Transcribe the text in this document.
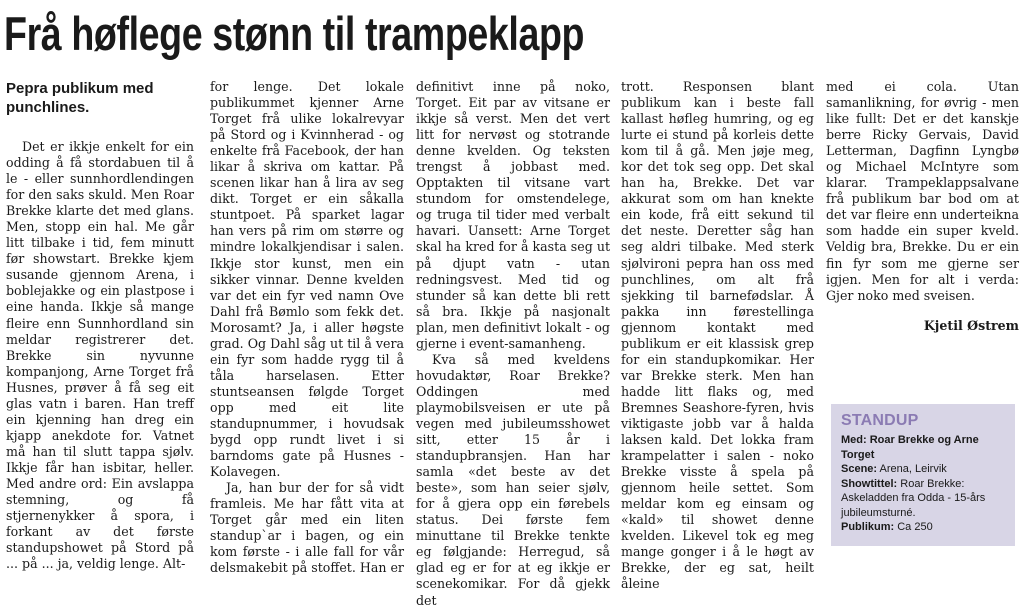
Frå høflege stønn til trampeklapp
Pepra publikum med punchlines.

Det er ikkje enkelt for ein odding å få stordabuen til å le - eller sunnhordlendingen for den saks skuld. Men Roar Brekke klarte det med glans. Men, stopp ein hal. Me går litt tilbake i tid, fem minutt før showstart. Brekke kjem susande gjennom Arena, i boblejakke og ein plastpose i eine handa. Ikkje så mange fleire enn Sunnhordland sin meldar registrerer det. Brekke sin nyvunne kompanjong, Arne Torget frå Husnes, prøver å få seg eit glas vatn i baren. Han treff ein kjenning han dreg ein kjapp anekdote for. Vatnet må han til slutt tappa sjølv. Ikkje får han isbitar, heller. Med andre ord: Ein avslappa stemning, og få stjernenykker å spora, i forkant av det første standupshowet på Stord på ... på ... ja, veldig lenge. Alt-

for lenge. Det lokale publikummet kjenner Arne Torget frå ulike lokalrevyar på Stord og i Kvinnherad - og enkelte frå Facebook, der han likar å skriva om kattar. På scenen likar han å lira av seg dikt. Torget er ein såkalla stuntpoet. På sparket lagar han vers på rim om større og mindre lokalkjendisar i salen. Ikkje stor kunst, men ein sikker vinnar. Denne kvelden var det ein fyr ved namn Ove Dahl frå Bømlo som fekk det. Morosamt? Ja, i aller høgste grad. Og Dahl såg ut til å vera ein fyr som hadde rygg til å tåla harselasen. Etter stuntseansen følgde Torget opp med eit lite standupnummer, i hovudsak bygd opp rundt livet i si barndoms gate på Husnes - Kolavegen.

Ja, han bur der for så vidt framleis. Me har fått vita at Torget går med ein liten standup`ar i bagen, og ein kom første - i alle fall for vår delsmakebit på stoffet. Han er

definitivt inne på noko, Torget. Eit par av vitsane er ikkje så verst. Men det vert litt for nervøst og stotrande denne kvelden. Og teksten trengst å jobbast med. Opptakten til vitsane vart stundom for omstendelege, og truga til tider med verbalt havari. Uansett: Arne Torget skal ha kred for å kasta seg ut på djupt vatn - utan redningsvest. Med tid og stunder så kan dette bli rett så bra. Ikkje på nasjonalt plan, men definitivt lokalt - og gjerne i event-samanheng.

Kva så med kveldens hovudaktør, Roar Brekke? Oddingen med playmobilsveisen er ute på vegen med jubileumsshowet sitt, etter 15 år i standupbransjen. Han har samla «det beste av det beste», som han seier sjølv, for å gjera opp ein førebels status. Dei første fem minuttane til Brekke tenkte eg følgjande: Herregud, så glad eg er for at eg ikkje er scenekomikar. For då gjekk det

trott. Responsen blant publikum kan i beste fall kallast høfleg humring, og eg lurte ei stund på korleis dette kom til å gå. Men jøje meg, kor det tok seg opp. Det skal han ha, Brekke. Det var akkurat som om han knekte ein kode, frå eitt sekund til det neste. Deretter såg han seg aldri tilbake. Med sterk sjølvironi pepra han oss med punchlines, om alt frå sjekking til barnefødslar. Å pakka inn førestellinga gjennom kontakt med publikum er eit klassisk grep for ein standupkomikar. Her var Brekke sterk. Men han hadde litt flaks og, med Bremnes Seashore-fyren, hvis viktigaste jobb var å halda laksen kald. Det lokka fram krampelatter i salen - noko Brekke visste å spela på gjennom heile settet. Som meldar kom eg einsam og «kald» til showet denne kvelden. Likevel tok eg meg mange gonger i å le høgt av Brekke, der eg sat, heilt åleine

med ei cola. Utan samanlikning, for øvrig - men like fullt: Det er det kanskje berre Ricky Gervais, David Letterman, Dagfinn Lyngbø og Michael McIntyre som klarar. Trampeklappsalvane frå publikum bar bod om at det var fleire enn underteikna som hadde ein super kveld. Veldig bra, Brekke. Du er ein fin fyr som me gjerne ser igjen. Men for alt i verda: Gjer noko med sveisen.

Kjetil Østrem
STANDUP
Med: Roar Brekke og Arne Torget
Scene: Arena, Leirvik
Showtittel: Roar Brekke: Askeladden fra Odda - 15-års jubileumsturné.
Publikum: Ca 250
